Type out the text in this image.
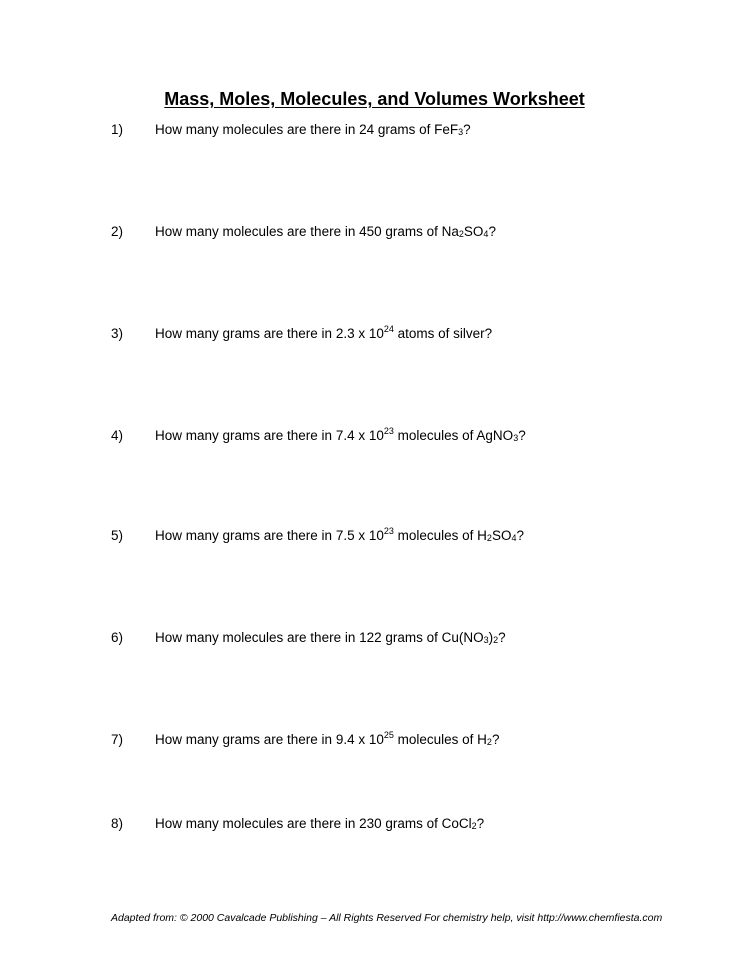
Mass, Moles, Molecules, and Volumes Worksheet
1) How many molecules are there in 24 grams of FeF$_3$?
2) How many molecules are there in 450 grams of $Na_2SO_4$?
3) How many grams are there in 2.3 x $10^{24}$ atoms of silver?
4) How many grams are there in 7.4 x $10^{23}$ molecules of AgNO$_3$?
5) How many grams are there in 7.5 x $10^{23}$ molecules of $H_2SO_4$?
6) How many molecules are there in 122 grams of $Cu(NO_3)_2$?
7) How many grams are there in 9.4 x $10^{25}$ molecules of $H_2$?
8) How many molecules are there in 230 grams of CoCl$_2$?
Adapted from: © 2000 Cavalcade Publishing – All Rights Reserved For chemistry help, visit http://www.chemfiesta.com
